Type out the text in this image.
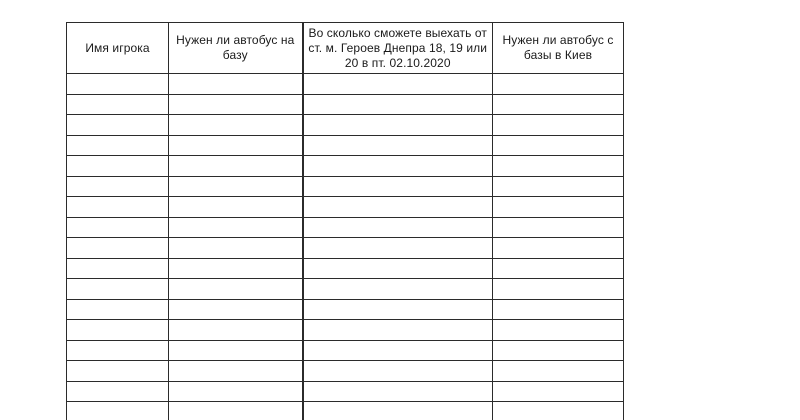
Имя игрока	Нужен ли автобус на базу	Во сколько сможете выехать от ст. м. Героев Днепра 18, 19 или 20 в пт. 02.10.2020	Нужен ли автобус с базы в Киев
